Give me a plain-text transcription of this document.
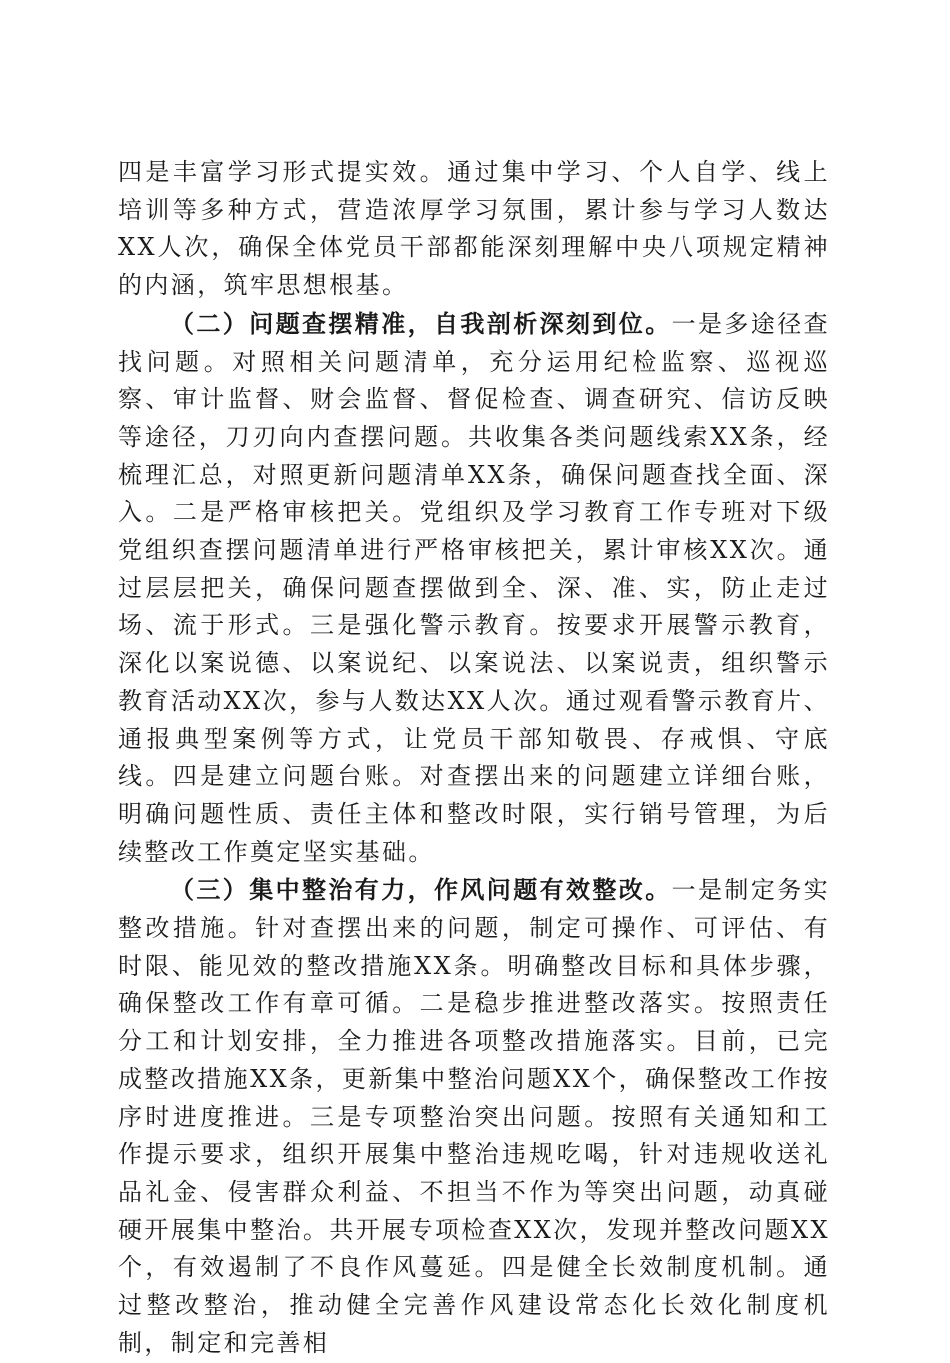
四是丰富学习形式提实效。通过集中学习、个人自学、线上培训等多种方式，营造浓厚学习氛围，累计参与学习人数达XX人次，确保全体党员干部都能深刻理解中央八项规定精神的内涵，筑牢思想根基。

（二）问题查摆精准，自我剖析深刻到位。一是多途径查找问题。对照相关问题清单，充分运用纪检监察、巡视巡察、审计监督、财会监督、督促检查、调查研究、信访反映等途径，刀刃向内查摆问题。共收集各类问题线索XX条，经梳理汇总，对照更新问题清单XX条，确保问题查找全面、深入。二是严格审核把关。党组织及学习教育工作专班对下级党组织查摆问题清单进行严格审核把关，累计审核XX次。通过层层把关，确保问题查摆做到全、深、准、实，防止走过场、流于形式。三是强化警示教育。按要求开展警示教育，深化以案说德、以案说纪、以案说法、以案说责，组织警示教育活动XX次，参与人数达XX人次。通过观看警示教育片、通报典型案例等方式，让党员干部知敬畏、存戒惧、守底线。四是建立问题台账。对查摆出来的问题建立详细台账，明确问题性质、责任主体和整改时限，实行销号管理，为后续整改工作奠定坚实基础。

（三）集中整治有力，作风问题有效整改。一是制定务实整改措施。针对查摆出来的问题，制定可操作、可评估、有时限、能见效的整改措施XX条。明确整改目标和具体步骤，确保整改工作有章可循。二是稳步推进整改落实。按照责任分工和计划安排，全力推进各项整改措施落实。目前，已完成整改措施XX条，更新集中整治问题XX个，确保整改工作按序时进度推进。三是专项整治突出问题。按照有关通知和工作提示要求，组织开展集中整治违规吃喝，针对违规收送礼品礼金、侵害群众利益、不担当不作为等突出问题，动真碰硬开展集中整治。共开展专项检查XX次，发现并整改问题XX个，有效遏制了不良作风蔓延。四是健全长效制度机制。通过整改整治，推动健全完善作风建设常态化长效化制度机制，制定和完善相
